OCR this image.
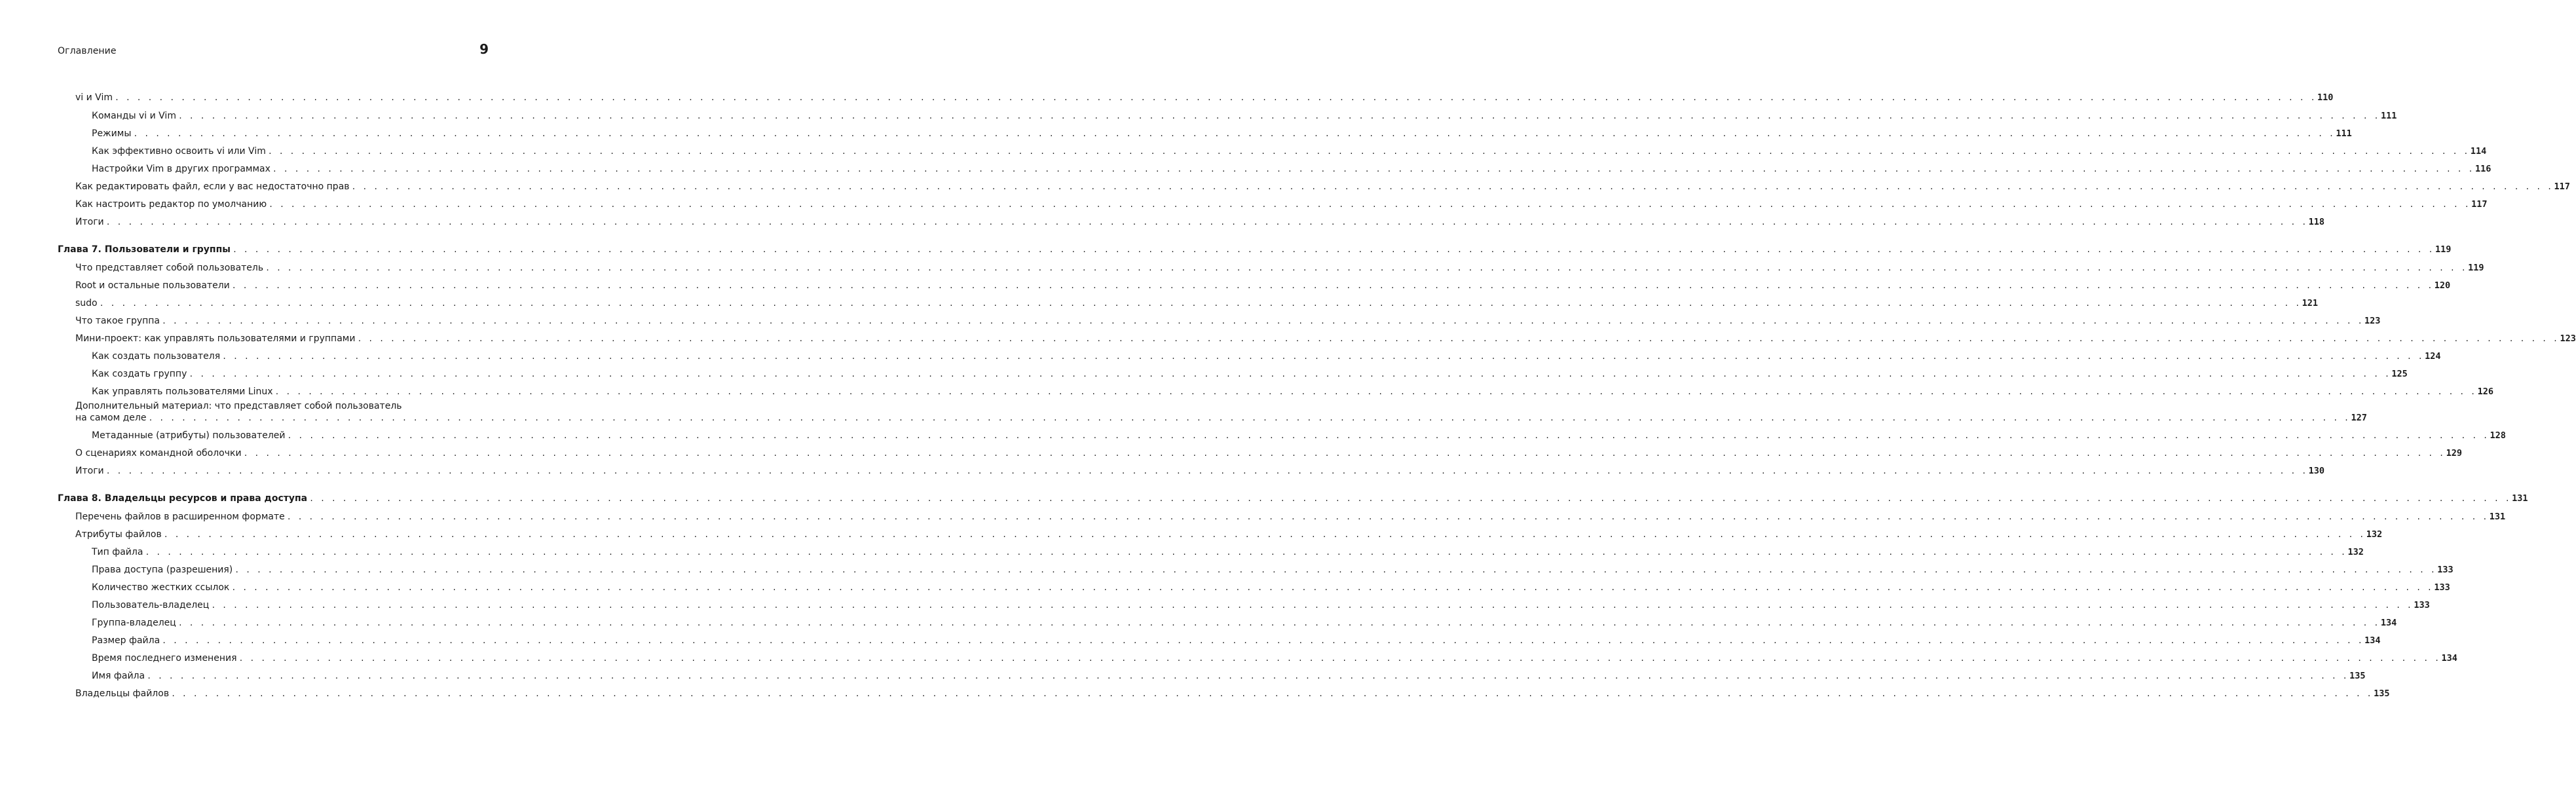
Оглавление	9
vi и Vim . . . . . . . . . . . . . . . . . . . . . . . . . . . . . . . . . . . . . . . . . . . . . . . . . . . . . . . . . . . . . . . . . . . . . . . . . . . . . . . . . . . . . . . . . . . . . . . . . . . . . . . . . . . . . . . . . . . . . . . . . . . . . . . . . . . . . . . . . . . . . . . . . . . . . . . . . . . . . . . . . . . . . . . . . . . . . . . . . . . . . . . . . . . . . . . . . . . . . . . . 110
Команды vi и Vim . . . . . . . . . . . . . . . . . . . . . . . . . . . . . . . . . . . . . . . . . . . . . . . . . . . . . . . . . . . . . . . . . . . . . . . . . . . . . . . . . . . . . . . . . . . . . . . . . . . . . . . . . . . . . . . . . . . . . . . . . . . . . . . . . . . . . . . . . . . . . . . . . . . . . . . . . . . . . . . . . . . . . . . . . . . . . . . . . . . . . . . . . . . . . . . . . . . . . . . . 111
Режимы . . . . . . . . . . . . . . . . . . . . . . . . . . . . . . . . . . . . . . . . . . . . . . . . . . . . . . . . . . . . . . . . . . . . . . . . . . . . . . . . . . . . . . . . . . . . . . . . . . . . . . . . . . . . . . . . . . . . . . . . . . . . . . . . . . . . . . . . . . . . . . . . . . . . . . . . . . . . . . . . . . . . . . . . . . . . . . . . . . . . . . . . . . . . . . . . . . . . . . . . 111
Как эффективно освоить vi или Vim . . . . . . . . . . . . . . . . . . . . . . . . . . . . . . . . . . . . . . . . . . . . . . . . . . . . . . . . . . . . . . . . . . . . . . . . . . . . . . . . . . . . . . . . . . . . . . . . . . . . . . . . . . . . . . . . . . . . . . . . . . . . . . . . . . . . . . . . . . . . . . . . . . . . . . . . . . . . . . . . . . . . . . . . . . . . . . . . . . . . . . . . . . . . . . . . . . . . . . . . 114
Настройки Vim в других программах . . . . . . . . . . . . . . . . . . . . . . . . . . . . . . . . . . . . . . . . . . . . . . . . . . . . . . . . . . . . . . . . . . . . . . . . . . . . . . . . . . . . . . . . . . . . . . . . . . . . . . . . . . . . . . . . . . . . . . . . . . . . . . . . . . . . . . . . . . . . . . . . . . . . . . . . . . . . . . . . . . . . . . . . . . . . . . . . . . . . . . . . . . . . . . . . . . . . . . . . 116
Как редактировать файл, если у вас недостаточно прав . . . . . . . . . . . . . . . . . . . . . . . . . . . . . . . . . . . . . . . . . . . . . . . . . . . . . . . . . . . . . . . . . . . . . . . . . . . . . . . . . . . . . . . . . . . . . . . . . . . . . . . . . . . . . . . . . . . . . . . . . . . . . . . . . . . . . . . . . . . . . . . . . . . . . . . . . . . . . . . . . . . . . . . . . . . . . . . . . . . . . . . . . . . . . . . . . . . . . . . . 117
Как настроить редактор по умолчанию . . . . . . . . . . . . . . . . . . . . . . . . . . . . . . . . . . . . . . . . . . . . . . . . . . . . . . . . . . . . . . . . . . . . . . . . . . . . . . . . . . . . . . . . . . . . . . . . . . . . . . . . . . . . . . . . . . . . . . . . . . . . . . . . . . . . . . . . . . . . . . . . . . . . . . . . . . . . . . . . . . . . . . . . . . . . . . . . . . . . . . . . . . . . . . . . . . . . . . . . 117
Итоги . . . . . . . . . . . . . . . . . . . . . . . . . . . . . . . . . . . . . . . . . . . . . . . . . . . . . . . . . . . . . . . . . . . . . . . . . . . . . . . . . . . . . . . . . . . . . . . . . . . . . . . . . . . . . . . . . . . . . . . . . . . . . . . . . . . . . . . . . . . . . . . . . . . . . . . . . . . . . . . . . . . . . . . . . . . . . . . . . . . . . . . . . . . . . . . . . . . . . . . . 118
Глава 7. Пользователи и группы . . . . . . . . . . . . . . . . . . . . . . . . . . . . . . . . . . . . . . . . . . . . . . . . . . . . . . . . . . . . . . . . . . . . . . . . . . . . . . . . . . . . . . . . . . . . . . . . . . . . . . . . . . . . . . . . . . . . . . . . . . . . . . . . . . . . . . . . . . . . . . . . . . . . . . . . . . . . . . . . . . . . . . . . . . . . . . . . . . . . . . . . . . . . . . . . . . . . . . . . 119
Что представляет собой пользователь . . . . . . . . . . . . . . . . . . . . . . . . . . . . . . . . . . . . . . . . . . . . . . . . . . . . . . . . . . . . . . . . . . . . . . . . . . . . . . . . . . . . . . . . . . . . . . . . . . . . . . . . . . . . . . . . . . . . . . . . . . . . . . . . . . . . . . . . . . . . . . . . . . . . . . . . . . . . . . . . . . . . . . . . . . . . . . . . . . . . . . . . . . . . . . . . . . . . . . . . 119
Root и остальные пользователи . . . . . . . . . . . . . . . . . . . . . . . . . . . . . . . . . . . . . . . . . . . . . . . . . . . . . . . . . . . . . . . . . . . . . . . . . . . . . . . . . . . . . . . . . . . . . . . . . . . . . . . . . . . . . . . . . . . . . . . . . . . . . . . . . . . . . . . . . . . . . . . . . . . . . . . . . . . . . . . . . . . . . . . . . . . . . . . . . . . . . . . . . . . . . . . . . . . . . . . . 120
sudo . . . . . . . . . . . . . . . . . . . . . . . . . . . . . . . . . . . . . . . . . . . . . . . . . . . . . . . . . . . . . . . . . . . . . . . . . . . . . . . . . . . . . . . . . . . . . . . . . . . . . . . . . . . . . . . . . . . . . . . . . . . . . . . . . . . . . . . . . . . . . . . . . . . . . . . . . . . . . . . . . . . . . . . . . . . . . . . . . . . . . . . . . . . . . . . . . . . . . . . . 121
Что такое группа . . . . . . . . . . . . . . . . . . . . . . . . . . . . . . . . . . . . . . . . . . . . . . . . . . . . . . . . . . . . . . . . . . . . . . . . . . . . . . . . . . . . . . . . . . . . . . . . . . . . . . . . . . . . . . . . . . . . . . . . . . . . . . . . . . . . . . . . . . . . . . . . . . . . . . . . . . . . . . . . . . . . . . . . . . . . . . . . . . . . . . . . . . . . . . . . . . . . . . . . 123
Мини-проект: как управлять пользователями и группами . . . . . . . . . . . . . . . . . . . . . . . . . . . . . . . . . . . . . . . . . . . . . . . . . . . . . . . . . . . . . . . . . . . . . . . . . . . . . . . . . . . . . . . . . . . . . . . . . . . . . . . . . . . . . . . . . . . . . . . . . . . . . . . . . . . . . . . . . . . . . . . . . . . . . . . . . . . . . . . . . . . . . . . . . . . . . . . . . . . . . . . . . . . . . . . . . . . . . . . . 123
Как создать пользователя . . . . . . . . . . . . . . . . . . . . . . . . . . . . . . . . . . . . . . . . . . . . . . . . . . . . . . . . . . . . . . . . . . . . . . . . . . . . . . . . . . . . . . . . . . . . . . . . . . . . . . . . . . . . . . . . . . . . . . . . . . . . . . . . . . . . . . . . . . . . . . . . . . . . . . . . . . . . . . . . . . . . . . . . . . . . . . . . . . . . . . . . . . . . . . . . . . . . . . . . 124
Как создать группу . . . . . . . . . . . . . . . . . . . . . . . . . . . . . . . . . . . . . . . . . . . . . . . . . . . . . . . . . . . . . . . . . . . . . . . . . . . . . . . . . . . . . . . . . . . . . . . . . . . . . . . . . . . . . . . . . . . . . . . . . . . . . . . . . . . . . . . . . . . . . . . . . . . . . . . . . . . . . . . . . . . . . . . . . . . . . . . . . . . . . . . . . . . . . . . . . . . . . . . . 125
Как управлять пользователями Linux . . . . . . . . . . . . . . . . . . . . . . . . . . . . . . . . . . . . . . . . . . . . . . . . . . . . . . . . . . . . . . . . . . . . . . . . . . . . . . . . . . . . . . . . . . . . . . . . . . . . . . . . . . . . . . . . . . . . . . . . . . . . . . . . . . . . . . . . . . . . . . . . . . . . . . . . . . . . . . . . . . . . . . . . . . . . . . . . . . . . . . . . . . . . . . . . . . . . . . . . 126
Дополнительный материал: что представляет собой пользователь
на самом деле . . . . . . . . . . . . . . . . . . . . . . . . . . . . . . . . . . . . . . . . . . . . . . . . . . . . . . . . . . . . . . . . . . . . . . . . . . . . . . . . . . . . . . . . . . . . . . . . . . . . . . . . . . . . . . . . . . . . . . . . . . . . . . . . . . . . . . . . . . . . . . . . . . . . . . . . . . . . . . . . . . . . . . . . . . . . . . . . . . . . . . . . . . . . . . . . . . . . . . . . 127
Метаданные (атрибуты) пользователей . . . . . . . . . . . . . . . . . . . . . . . . . . . . . . . . . . . . . . . . . . . . . . . . . . . . . . . . . . . . . . . . . . . . . . . . . . . . . . . . . . . . . . . . . . . . . . . . . . . . . . . . . . . . . . . . . . . . . . . . . . . . . . . . . . . . . . . . . . . . . . . . . . . . . . . . . . . . . . . . . . . . . . . . . . . . . . . . . . . . . . . . . . . . . . . . . . . . . . . . 128
О сценариях командной оболочки . . . . . . . . . . . . . . . . . . . . . . . . . . . . . . . . . . . . . . . . . . . . . . . . . . . . . . . . . . . . . . . . . . . . . . . . . . . . . . . . . . . . . . . . . . . . . . . . . . . . . . . . . . . . . . . . . . . . . . . . . . . . . . . . . . . . . . . . . . . . . . . . . . . . . . . . . . . . . . . . . . . . . . . . . . . . . . . . . . . . . . . . . . . . . . . . . . . . . . . . 129
Итоги . . . . . . . . . . . . . . . . . . . . . . . . . . . . . . . . . . . . . . . . . . . . . . . . . . . . . . . . . . . . . . . . . . . . . . . . . . . . . . . . . . . . . . . . . . . . . . . . . . . . . . . . . . . . . . . . . . . . . . . . . . . . . . . . . . . . . . . . . . . . . . . . . . . . . . . . . . . . . . . . . . . . . . . . . . . . . . . . . . . . . . . . . . . . . . . . . . . . . . . . 130
Глава 8. Владельцы ресурсов и права доступа . . . . . . . . . . . . . . . . . . . . . . . . . . . . . . . . . . . . . . . . . . . . . . . . . . . . . . . . . . . . . . . . . . . . . . . . . . . . . . . . . . . . . . . . . . . . . . . . . . . . . . . . . . . . . . . . . . . . . . . . . . . . . . . . . . . . . . . . . . . . . . . . . . . . . . . . . . . . . . . . . . . . . . . . . . . . . . . . . . . . . . . . . . . . . . . . . . . . . . . . 131
Перечень файлов в расширенном формате . . . . . . . . . . . . . . . . . . . . . . . . . . . . . . . . . . . . . . . . . . . . . . . . . . . . . . . . . . . . . . . . . . . . . . . . . . . . . . . . . . . . . . . . . . . . . . . . . . . . . . . . . . . . . . . . . . . . . . . . . . . . . . . . . . . . . . . . . . . . . . . . . . . . . . . . . . . . . . . . . . . . . . . . . . . . . . . . . . . . . . . . . . . . . . . . . . . . . . . . 131
Атрибуты файлов . . . . . . . . . . . . . . . . . . . . . . . . . . . . . . . . . . . . . . . . . . . . . . . . . . . . . . . . . . . . . . . . . . . . . . . . . . . . . . . . . . . . . . . . . . . . . . . . . . . . . . . . . . . . . . . . . . . . . . . . . . . . . . . . . . . . . . . . . . . . . . . . . . . . . . . . . . . . . . . . . . . . . . . . . . . . . . . . . . . . . . . . . . . . . . . . . . . . . . . . 132
Тип файла . . . . . . . . . . . . . . . . . . . . . . . . . . . . . . . . . . . . . . . . . . . . . . . . . . . . . . . . . . . . . . . . . . . . . . . . . . . . . . . . . . . . . . . . . . . . . . . . . . . . . . . . . . . . . . . . . . . . . . . . . . . . . . . . . . . . . . . . . . . . . . . . . . . . . . . . . . . . . . . . . . . . . . . . . . . . . . . . . . . . . . . . . . . . . . . . . . . . . . . . 132
Права доступа (разрешения) . . . . . . . . . . . . . . . . . . . . . . . . . . . . . . . . . . . . . . . . . . . . . . . . . . . . . . . . . . . . . . . . . . . . . . . . . . . . . . . . . . . . . . . . . . . . . . . . . . . . . . . . . . . . . . . . . . . . . . . . . . . . . . . . . . . . . . . . . . . . . . . . . . . . . . . . . . . . . . . . . . . . . . . . . . . . . . . . . . . . . . . . . . . . . . . . . . . . . . . . 133
Количество жестких ссылок . . . . . . . . . . . . . . . . . . . . . . . . . . . . . . . . . . . . . . . . . . . . . . . . . . . . . . . . . . . . . . . . . . . . . . . . . . . . . . . . . . . . . . . . . . . . . . . . . . . . . . . . . . . . . . . . . . . . . . . . . . . . . . . . . . . . . . . . . . . . . . . . . . . . . . . . . . . . . . . . . . . . . . . . . . . . . . . . . . . . . . . . . . . . . . . . . . . . . . . . 133
Пользователь-владелец . . . . . . . . . . . . . . . . . . . . . . . . . . . . . . . . . . . . . . . . . . . . . . . . . . . . . . . . . . . . . . . . . . . . . . . . . . . . . . . . . . . . . . . . . . . . . . . . . . . . . . . . . . . . . . . . . . . . . . . . . . . . . . . . . . . . . . . . . . . . . . . . . . . . . . . . . . . . . . . . . . . . . . . . . . . . . . . . . . . . . . . . . . . . . . . . . . . . . . . . 133
Группа-владелец . . . . . . . . . . . . . . . . . . . . . . . . . . . . . . . . . . . . . . . . . . . . . . . . . . . . . . . . . . . . . . . . . . . . . . . . . . . . . . . . . . . . . . . . . . . . . . . . . . . . . . . . . . . . . . . . . . . . . . . . . . . . . . . . . . . . . . . . . . . . . . . . . . . . . . . . . . . . . . . . . . . . . . . . . . . . . . . . . . . . . . . . . . . . . . . . . . . . . . . . 134
Размер файла . . . . . . . . . . . . . . . . . . . . . . . . . . . . . . . . . . . . . . . . . . . . . . . . . . . . . . . . . . . . . . . . . . . . . . . . . . . . . . . . . . . . . . . . . . . . . . . . . . . . . . . . . . . . . . . . . . . . . . . . . . . . . . . . . . . . . . . . . . . . . . . . . . . . . . . . . . . . . . . . . . . . . . . . . . . . . . . . . . . . . . . . . . . . . . . . . . . . . . . . 134
Время последнего изменения . . . . . . . . . . . . . . . . . . . . . . . . . . . . . . . . . . . . . . . . . . . . . . . . . . . . . . . . . . . . . . . . . . . . . . . . . . . . . . . . . . . . . . . . . . . . . . . . . . . . . . . . . . . . . . . . . . . . . . . . . . . . . . . . . . . . . . . . . . . . . . . . . . . . . . . . . . . . . . . . . . . . . . . . . . . . . . . . . . . . . . . . . . . . . . . . . . . . . . . . 134
Имя файла . . . . . . . . . . . . . . . . . . . . . . . . . . . . . . . . . . . . . . . . . . . . . . . . . . . . . . . . . . . . . . . . . . . . . . . . . . . . . . . . . . . . . . . . . . . . . . . . . . . . . . . . . . . . . . . . . . . . . . . . . . . . . . . . . . . . . . . . . . . . . . . . . . . . . . . . . . . . . . . . . . . . . . . . . . . . . . . . . . . . . . . . . . . . . . . . . . . . . . . . 135
Владельцы файлов . . . . . . . . . . . . . . . . . . . . . . . . . . . . . . . . . . . . . . . . . . . . . . . . . . . . . . . . . . . . . . . . . . . . . . . . . . . . . . . . . . . . . . . . . . . . . . . . . . . . . . . . . . . . . . . . . . . . . . . . . . . . . . . . . . . . . . . . . . . . . . . . . . . . . . . . . . . . . . . . . . . . . . . . . . . . . . . . . . . . . . . . . . . . . . . . . . . . . . . . 135
